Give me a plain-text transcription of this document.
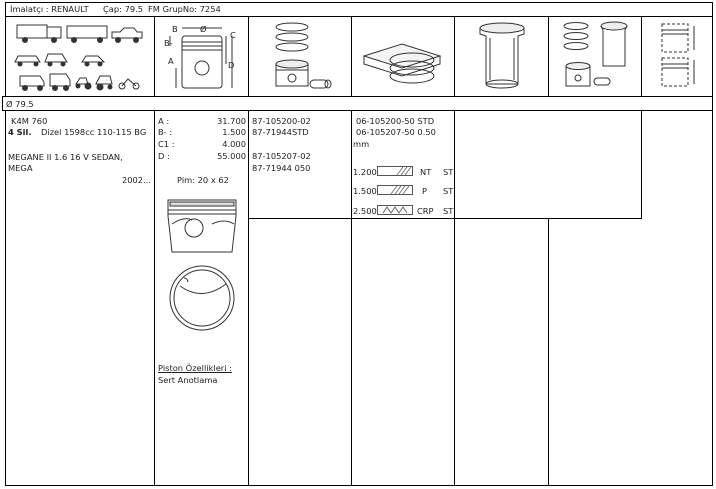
İmalatçı : RENAULT Çap: 79.5 FM GrupNo: 7254
B	Ø
C
B-
A	D
Ø 79.5
K4M 760
4 Sil. Dizel 1598cc 110-115 BG
MEGANE II 1.6 16 V SEDAN,
MEGA
2002...
A :	31.700
B- :	1.500
C1 :	4.000
D :	55.000
Pim: 20 x 62
Piston Özellikleri :
Sert Anotlama
87-105200-02
87-71944STD
87-105207-02
87-71944 050
06-105200-50 STD
06-105207-50 0.50
mm
1.200	NT ST
1.500	P ST
2.500	CRP ST
